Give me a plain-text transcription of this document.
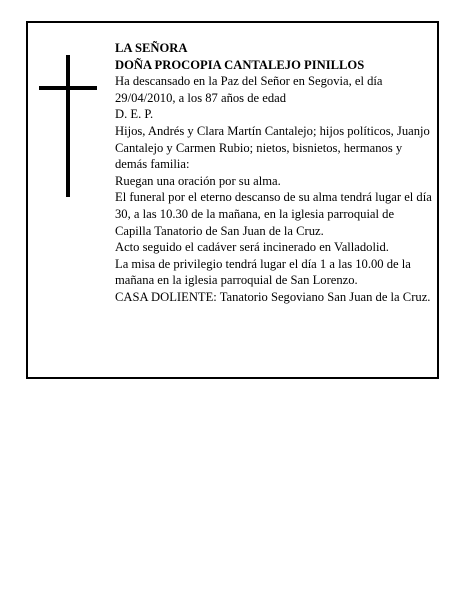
LA SEÑORA

DOÑA PROCOPIA CANTALEJO PINILLOS

Ha descansado en la Paz del Señor en Segovia, el día 29/04/2010, a los 87 años de edad

D. E. P.

Hijos, Andrés y Clara Martín Cantalejo; hijos políticos, Juanjo Cantalejo y Carmen Rubio; nietos, bisnietos, hermanos y demás familia:

Ruegan una oración por su alma.

El funeral por el eterno descanso de su alma tendrá lugar el día 30, a las 10.30 de la mañana, en la iglesia parroquial de Capilla Tanatorio de San Juan de la Cruz.

Acto seguido el cadáver será incinerado en Valladolid.

La misa de privilegio tendrá lugar el día 1 a las 10.00 de la mañana en la iglesia parroquial de San Lorenzo.

CASA DOLIENTE: Tanatorio Segoviano San Juan de la Cruz.
